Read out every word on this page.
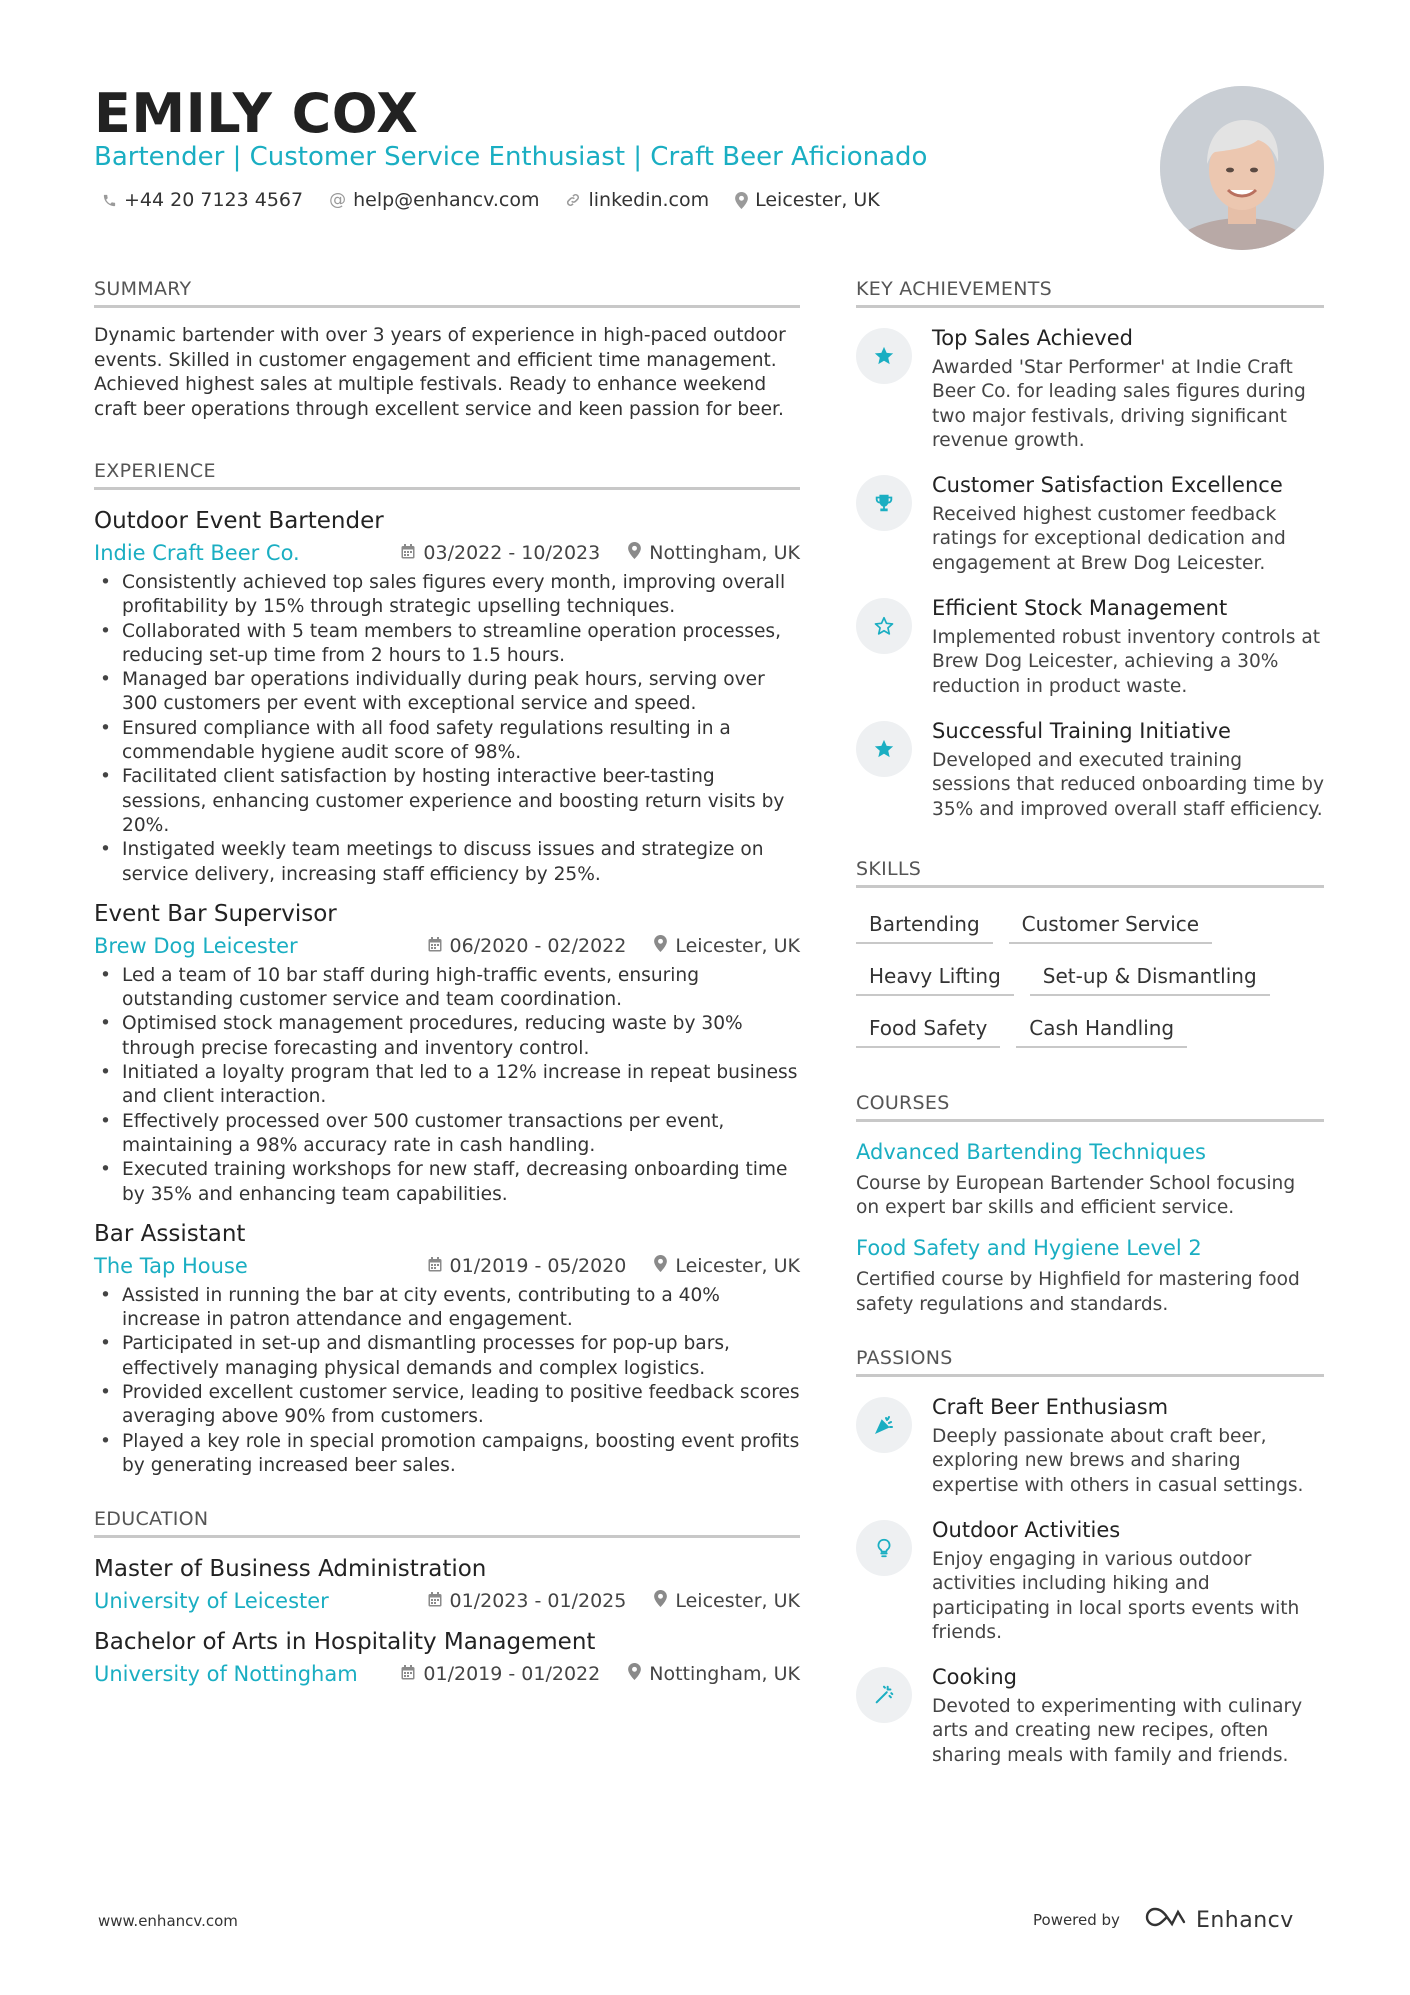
EMILY COX
Bartender | Customer Service Enthusiast | Craft Beer Aficionado
+44 20 7123 4567 @ help@enhancv.com	linkedin.com Leicester, UK
SUMMARY
Dynamic bartender with over 3 years of experience in high-paced outdoor events. Skilled in customer engagement and efficient time management. Achieved highest sales at multiple festivals. Ready to enhance weekend craft beer operations through excellent service and keen passion for beer.
EXPERIENCE
Outdoor Event Bartender
Indie Craft Beer Co.	03/2022 - 10/2023	Nottingham, UK
• Consistently achieved top sales figures every month, improving overall profitability by 15% through strategic upselling techniques.
• Collaborated with 5 team members to streamline operation processes, reducing set-up time from 2 hours to 1.5 hours.
• Managed bar operations individually during peak hours, serving over 300 customers per event with exceptional service and speed.
• Ensured compliance with all food safety regulations resulting in a commendable hygiene audit score of 98%.
• Facilitated client satisfaction by hosting interactive beer-tasting sessions, enhancing customer experience and boosting return visits by 20%.
• Instigated weekly team meetings to discuss issues and strategize on service delivery, increasing staff efficiency by 25%.
Event Bar Supervisor
Brew Dog Leicester	06/2020 - 02/2022	Leicester, UK
• Led a team of 10 bar staff during high-traffic events, ensuring outstanding customer service and team coordination.
• Optimised stock management procedures, reducing waste by 30% through precise forecasting and inventory control.
• Initiated a loyalty program that led to a 12% increase in repeat business and client interaction.
• Effectively processed over 500 customer transactions per event, maintaining a 98% accuracy rate in cash handling.
• Executed training workshops for new staff, decreasing onboarding time by 35% and enhancing team capabilities.
Bar Assistant
The Tap House	01/2019 - 05/2020	Leicester, UK
• Assisted in running the bar at city events, contributing to a 40% increase in patron attendance and engagement.
• Participated in set-up and dismantling processes for pop-up bars, effectively managing physical demands and complex logistics.
• Provided excellent customer service, leading to positive feedback scores averaging above 90% from customers.
• Played a key role in special promotion campaigns, boosting event profits by generating increased beer sales.
EDUCATION
Master of Business Administration
University of Leicester	01/2023 - 01/2025	Leicester, UK
Bachelor of Arts in Hospitality Management
University of Nottingham	01/2019 - 01/2022	Nottingham, UK
KEY ACHIEVEMENTS
Top Sales Achieved
Awarded 'Star Performer' at Indie Craft Beer Co. for leading sales figures during two major festivals, driving significant revenue growth.
Customer Satisfaction Excellence
Received highest customer feedback ratings for exceptional dedication and engagement at Brew Dog Leicester.
Efficient Stock Management
Implemented robust inventory controls at Brew Dog Leicester, achieving a 30% reduction in product waste.
Successful Training Initiative
Developed and executed training sessions that reduced onboarding time by 35% and improved overall staff efficiency.
SKILLS
Bartending	Customer Service
Heavy Lifting	Set-up & Dismantling
Food Safety	Cash Handling
COURSES
Advanced Bartending Techniques
Course by European Bartender School focusing on expert bar skills and efficient service.
Food Safety and Hygiene Level 2
Certified course by Highfield for mastering food safety regulations and standards.
PASSIONS
Craft Beer Enthusiasm
Deeply passionate about craft beer, exploring new brews and sharing expertise with others in casual settings.
Outdoor Activities
Enjoy engaging in various outdoor activities including hiking and participating in local sports events with friends.
Cooking
Devoted to experimenting with culinary arts and creating new recipes, often sharing meals with family and friends.
www.enhancv.com	Powered by	Enhancv
